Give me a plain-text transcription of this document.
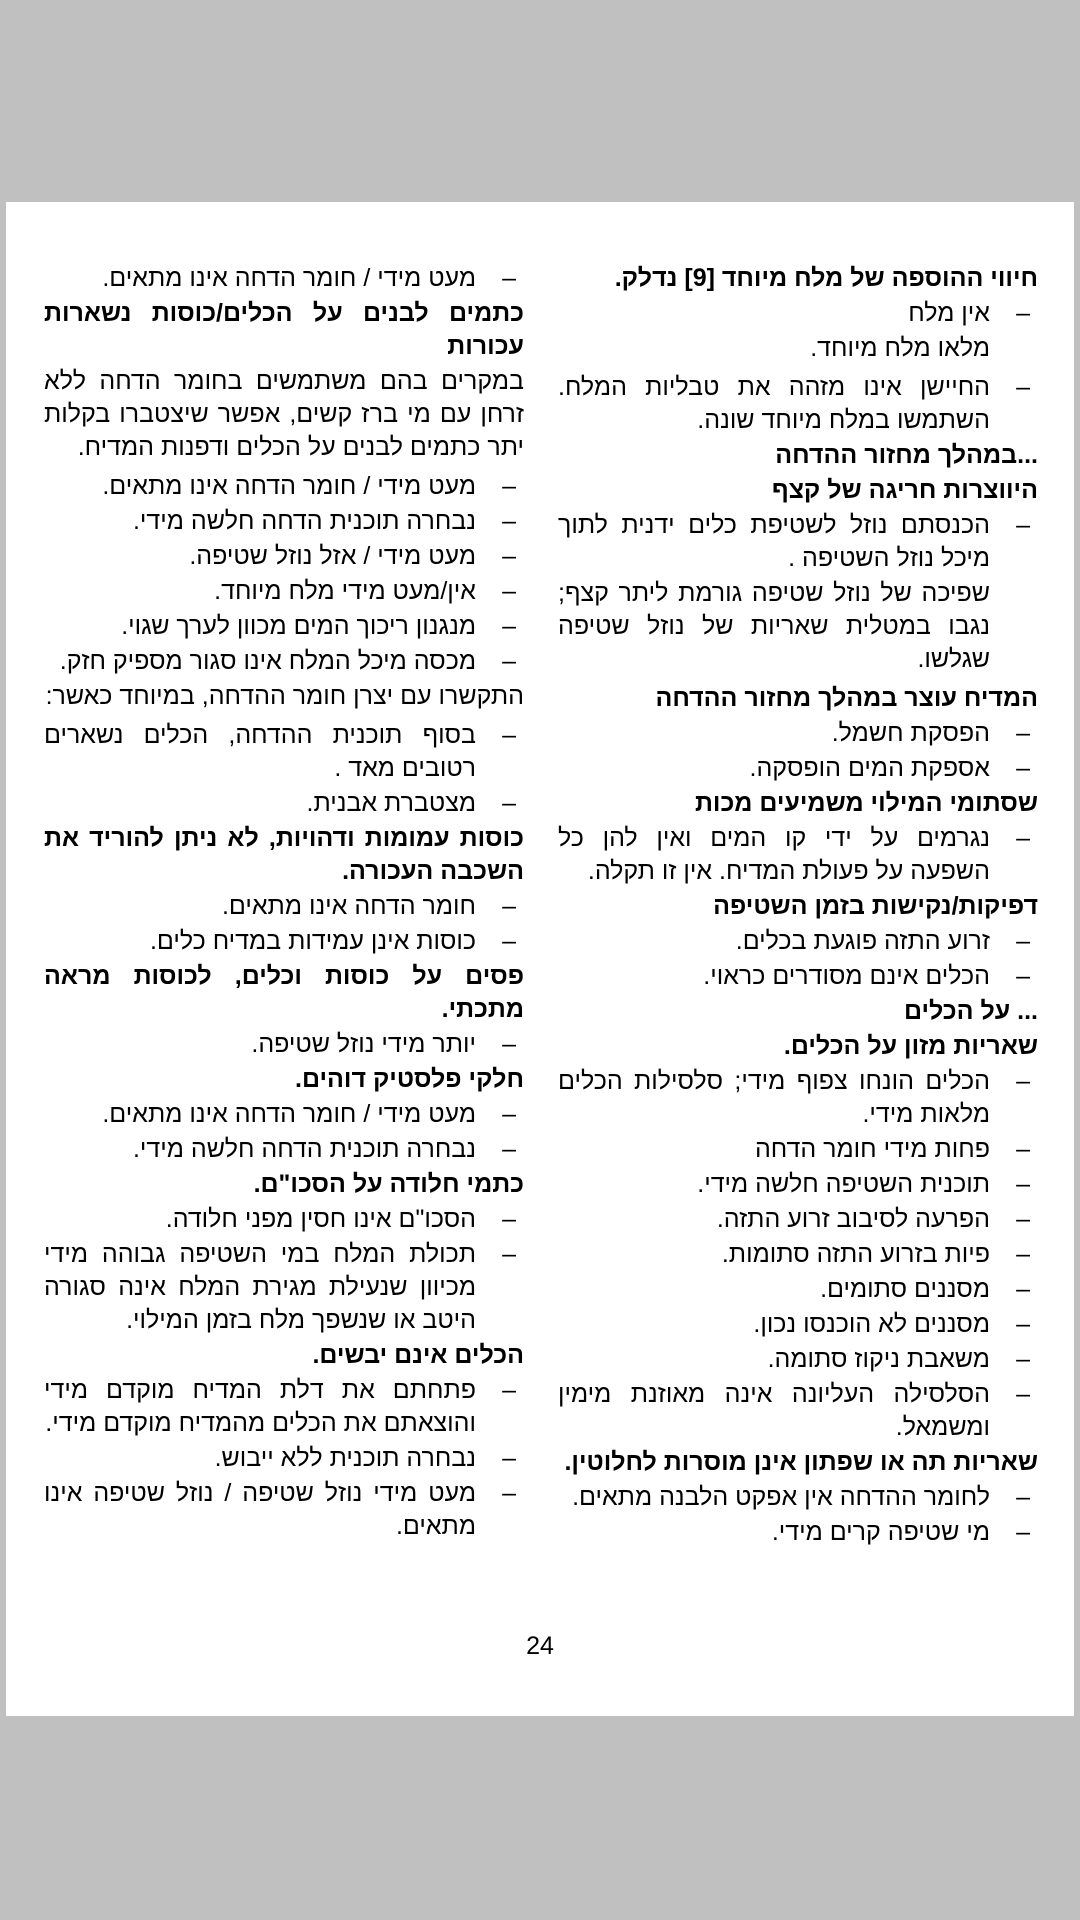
חיווי ההוספה של מלח מיוחד [9] נדלק.
–
אין מלח
מלאו מלח מיוחד.
–
החיישן אינו מזהה את טבליות המלח. השתמשו במלח מיוחד שונה.
...במהלך מחזור ההדחה
היווצרות חריגה של קצף
–
הכנסתם נוזל לשטיפת כלים ידנית לתוך מיכל נוזל השטיפה .
שפיכה של נוזל שטיפה גורמת ליתר קצף; נגבו במטלית שאריות של נוזל שטיפה שגלשו.
המדיח עוצר במהלך מחזור ההדחה
–
הפסקת חשמל.
–
אספקת המים הופסקה.
שסתומי המילוי משמיעים מכות
–
נגרמים על ידי קו המים ואין להן כל השפעה על פעולת המדיח. אין זו תקלה.
דפיקות/נקישות בזמן השטיפה
–
זרוע התזה פוגעת בכלים.
–
הכלים אינם מסודרים כראוי.
... על הכלים
שאריות מזון על הכלים.
–
הכלים הונחו צפוף מידי; סלסילות הכלים מלאות מידי.
–
פחות מידי חומר הדחה
–
תוכנית השטיפה חלשה מידי.
–
הפרעה לסיבוב זרוע התזה.
–
פיות בזרוע התזה סתומות.
–
מסננים סתומים.
–
מסננים לא הוכנסו נכון.
–
משאבת ניקוז סתומה.
–
הסלסילה העליונה אינה מאוזנת מימין ומשמאל.
שאריות תה או שפתון אינן מוסרות לחלוטין.
–
לחומר ההדחה אין אפקט הלבנה מתאים.
–
מי שטיפה קרים מידי.
–
מעט מידי / חומר הדחה אינו מתאים.
כתמים לבנים על הכלים/כוסות נשארות עכורות
במקרים בהם משתמשים בחומר הדחה ללא זרחן עם מי ברז קשים, אפשר שיצטברו בקלות יתר כתמים לבנים על הכלים ודפנות המדיח.
–
מעט מידי / חומר הדחה אינו מתאים.
–
נבחרה תוכנית הדחה חלשה מידי.
–
מעט מידי / אזל נוזל שטיפה.
–
אין/מעט מידי מלח מיוחד.
–
מנגנון ריכוך המים מכוון לערך שגוי.
–
מכסה מיכל המלח אינו סגור מספיק חזק.
התקשרו עם יצרן חומר ההדחה, במיוחד כאשר:
–
בסוף תוכנית ההדחה, הכלים נשארים רטובים מאד .
–
מצטברת אבנית.
כוסות עמומות ודהויות, לא ניתן להוריד את השכבה העכורה.
–
חומר הדחה אינו מתאים.
–
כוסות אינן עמידות במדיח כלים.
פסים על כוסות וכלים, לכוסות מראה מתכתי.
–
יותר מידי נוזל שטיפה.
חלקי פלסטיק דוהים.
–
מעט מידי / חומר הדחה אינו מתאים.
–
נבחרה תוכנית הדחה חלשה מידי.
כתמי חלודה על הסכו"ם.
–
הסכו"ם אינו חסין מפני חלודה.
–
תכולת המלח במי השטיפה גבוהה מידי מכיוון שנעילת מגירת המלח אינה סגורה היטב או שנשפך מלח בזמן המילוי.
הכלים אינם יבשים.
–
פתחתם את דלת המדיח מוקדם מידי והוצאתם את הכלים מהמדיח מוקדם מידי.
–
נבחרה תוכנית ללא ייבוש.
–
מעט מידי נוזל שטיפה / נוזל שטיפה אינו מתאים.
24
